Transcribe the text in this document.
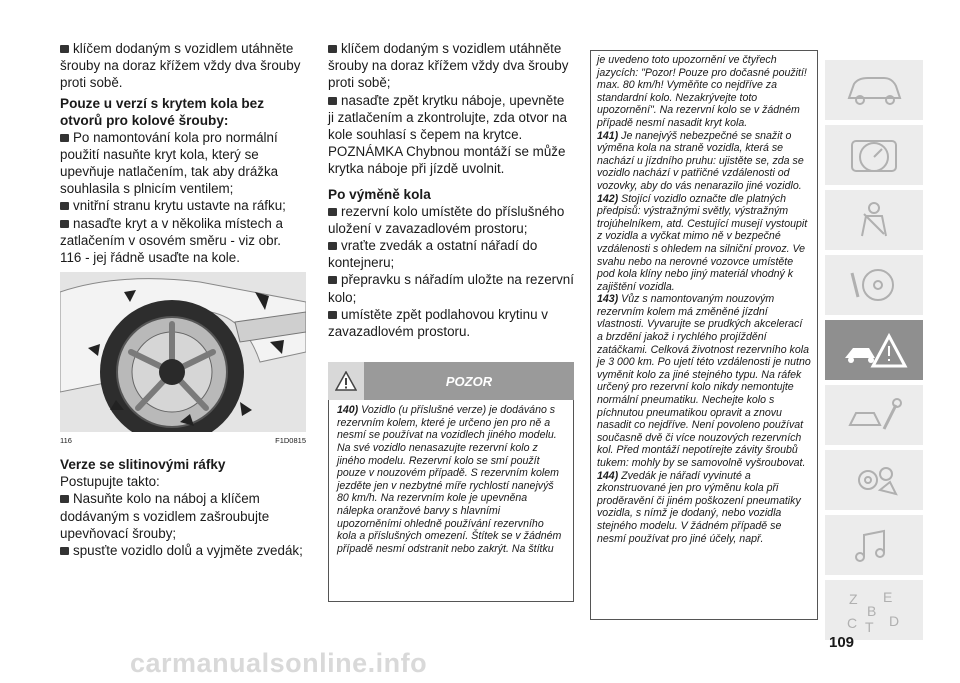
klíčem dodaným s vozidlem utáhněte šrouby na doraz křížem vždy dva šrouby proti sobě.
Pouze u verzí s krytem kola bez otvorů pro kolové šrouby:
Po namontování kola pro normální použití nasuňte kryt kola, který se upevňuje natlačením, tak aby drážka souhlasila s plnicím ventilem;
vnitřní stranu krytu ustavte na ráfku;
nasaďte kryt a v několika místech a zatlačením v osovém směru - viz obr. 116 - jej řádně usaďte na kole.
116	F1D0815
Verze se slitinovými ráfky
Postupujte takto:
Nasuňte kolo na náboj a klíčem dodávaným s vozidlem zašroubujte upevňovací šrouby;
spusťte vozidlo dolů a vyjměte zvedák;
klíčem dodaným s vozidlem utáhněte šrouby na doraz křížem vždy dva šrouby proti sobě;
nasaďte zpět krytku náboje, upevněte ji zatlačením a zkontrolujte, zda otvor na kole souhlasí s čepem na krytce.
POZNÁMKA Chybnou montáží se může krytka náboje při jízdě uvolnit.
Po výměně kola
rezervní kolo umístěte do příslušného uložení v zavazadlovém prostoru;
vraťte zvedák a ostatní nářadí do kontejneru;
přepravku s nářadím uložte na rezervní kolo;
umístěte zpět podlahovou krytinu v zavazadlovém prostoru.
POZOR
140) Vozidlo (u příslušné verze) je dodáváno s rezervním kolem, které je určeno jen pro ně a nesmí se používat na vozidlech jiného modelu. Na své vozidlo nenasazujte rezervní kolo z jiného modelu. Rezervní kolo se smí použít pouze v nouzovém případě. S rezervním kolem jezděte jen v nezbytné míře rychlostí nanejvýš 80 km/h. Na rezervním kole je upevněna nálepka oranžové barvy s hlavními upozorněními ohledně používání rezervního kola a příslušných omezení. Štítek se v žádném případě nesmí odstranit nebo zakrýt. Na štítku
je uvedeno toto upozornění ve čtyřech jazycích: "Pozor! Pouze pro dočasné použití! max. 80 km/h! Vyměňte co nejdříve za standardní kolo. Nezakrývejte toto upozornění". Na rezervní kolo se v žádném případě nesmí nasadit kryt kola.
141) Je nanejvýš nebezpečné se snažit o výměna kola na straně vozidla, která se nachází u jízdního pruhu: ujistěte se, zda se vozidlo nachází v patřičné vzdálenosti od vozovky, aby do vás nenarazilo jiné vozidlo.
142) Stojící vozidlo označte dle platných předpisů: výstražnými světly, výstražným trojúhelníkem, atd. Cestující musejí vystoupit z vozidla a vyčkat mimo ně v bezpečné vzdálenosti s ohledem na silniční provoz. Ve svahu nebo na nerovné vozovce umístěte pod kola klíny nebo jiný materiál vhodný k zajištění vozidla.
143) Vůz s namontovaným nouzovým rezervním kolem má změněné jízdní vlastnosti. Vyvarujte se prudkých akcelerací a brzdění jakož i rychlého projíždění zatáčkami. Celková životnost rezervního kola je 3 000 km. Po ujetí této vzdálenosti je nutno vyměnit kolo za jiné stejného typu. Na ráfek určený pro rezervní kolo nikdy nemontujte normální pneumatiku. Nechejte kolo s píchnutou pneumatikou opravit a znovu nasadit co nejdříve. Není povoleno používat současně dvě či více nouzových rezervních kol. Před montáží nepotírejte závity šroubů tukem: mohly by se samovolně vyšroubovat.
144) Zvedák je nářadí vyvinuté a zkonstruované jen pro výměnu kola při proděravění či jiném poškození pneumatiky vozidla, s nímž je dodaný, nebo vozidla stejného modelu. V žádném případě se nesmí používat pro jiné účely, např.
Z E
B
C T D
109
carmanualsonline.info
